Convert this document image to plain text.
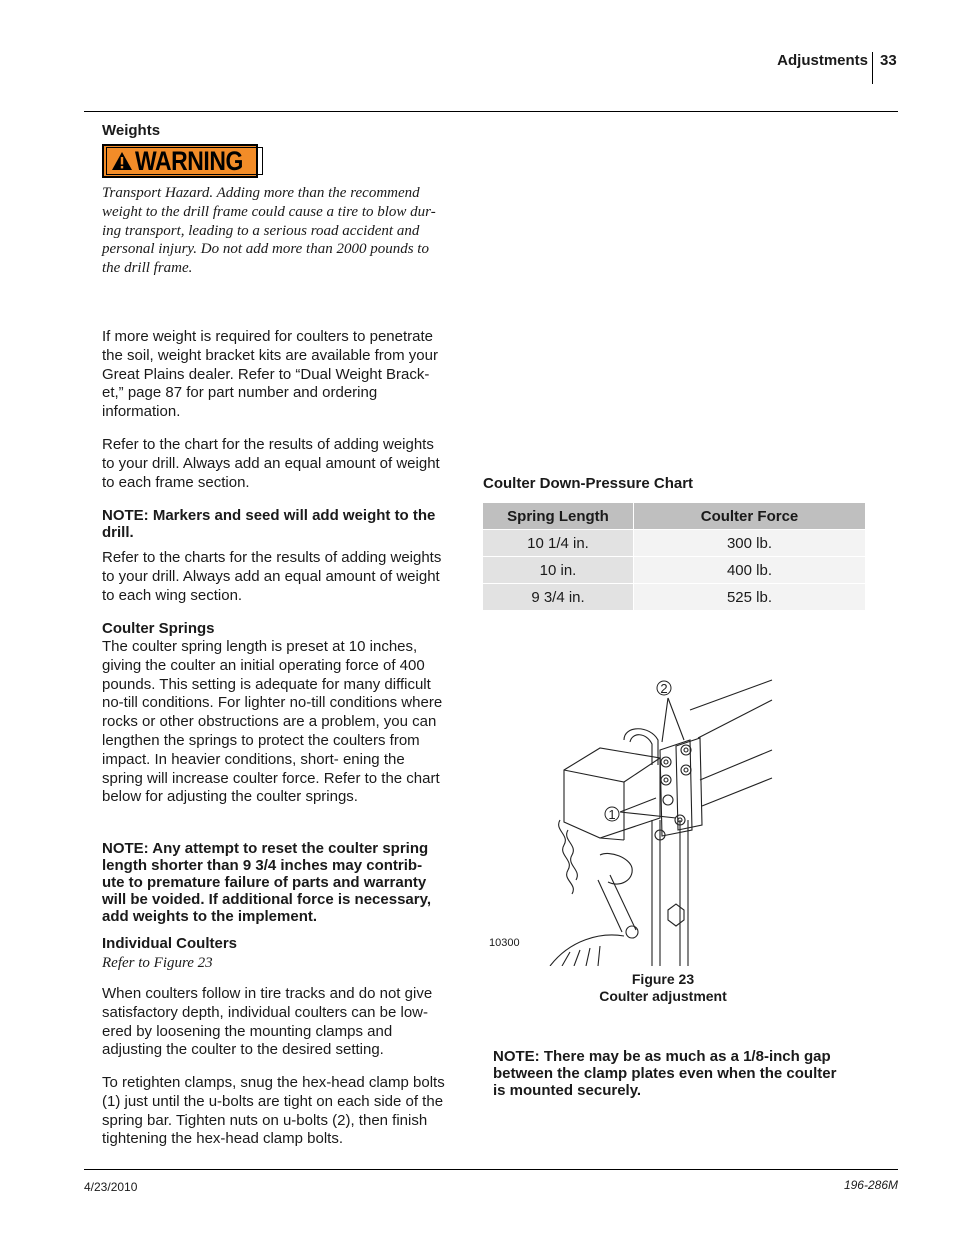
Adjustments 33
Weights
WARNING
Transport Hazard. Adding more than the recommend weight to the drill frame could cause a tire to blow dur- ing transport, leading to a serious road accident and personal injury. Do not add more than 2000 pounds to the drill frame.
If more weight is required for coulters to penetrate the soil, weight bracket kits are available from your Great Plains dealer. Refer to “Dual Weight Brack- et,” page 87 for part number and ordering information.
Refer to the chart for the results of adding weights to your drill. Always add an equal amount of weight to each frame section.
NOTE: Markers and seed will add weight to the drill.
Refer to the charts for the results of adding weights to your drill. Always add an equal amount of weight to each wing section.
Coulter Springs
The coulter spring length is preset at 10 inches, giving the coulter an initial operating force of 400 pounds. This setting is adequate for many difficult no-till conditions. For lighter no-till conditions where rocks or other obstructions are a problem, you can lengthen the springs to protect the coulters from impact. In heavier conditions, short- ening the spring will increase coulter force. Refer to the chart below for adjusting the coulter springs.
NOTE: Any attempt to reset the coulter spring length shorter than 9 3/4 inches may contrib- ute to premature failure of parts and warranty will be voided. If additional force is necessary, add weights to the implement.
Individual Coulters
Refer to Figure 23
When coulters follow in tire tracks and do not give satisfactory depth, individual coulters can be low- ered by loosening the mounting clamps and adjusting the coulter to the desired setting.
To retighten clamps, snug the hex-head clamp bolts (1) just until the u-bolts are tight on each side of the spring bar. Tighten nuts on u-bolts (2), then finish tightening the hex-head clamp bolts.
Coulter Down-Pressure Chart
Spring Length	Coulter Force
10 1/4 in.	300 lb.
10 in.	400 lb.
9 3/4 in.	525 lb.
2
1
10300
Figure 23
Coulter adjustment
NOTE: There may be as much as a 1/8-inch gap between the clamp plates even when the coulter is mounted securely.
4/23/2010	196-286M
